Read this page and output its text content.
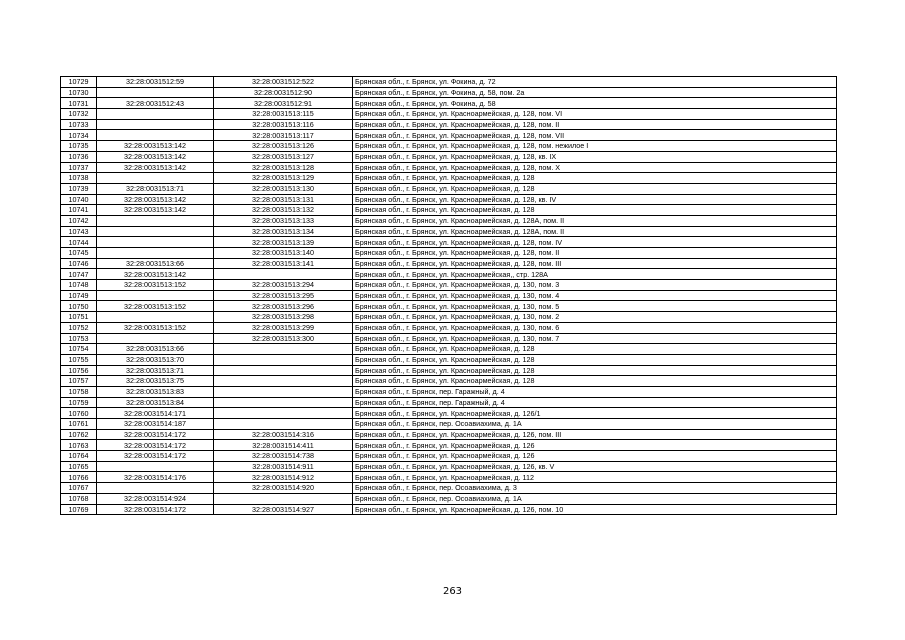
10729	32:28:0031512:59	32:28:0031512:522	Брянская обл., г. Брянск, ул. Фокина, д. 72
10730		32:28:0031512:90	Брянская обл., г. Брянск, ул. Фокина, д. 58, пом. 2а
10731	32:28:0031512:43	32:28:0031512:91	Брянская обл., г. Брянск, ул. Фокина, д. 58
10732		32:28:0031513:115	Брянская обл., г. Брянск, ул. Красноармейская, д. 128, пом. VI
10733		32:28:0031513:116	Брянская обл., г. Брянск, ул. Красноармейская, д. 128, пом. II
10734		32:28:0031513:117	Брянская обл., г. Брянск, ул. Красноармейская, д. 128, пом. VII
10735	32:28:0031513:142	32:28:0031513:126	Брянская обл., г. Брянск, ул. Красноармейская, д. 128, пом. нежилое I
10736	32:28:0031513:142	32:28:0031513:127	Брянская обл., г. Брянск, ул. Красноармейская, д. 128, кв. IX
10737	32:28:0031513:142	32:28:0031513:128	Брянская обл., г. Брянск, ул. Красноармейская, д. 128, пом. X
10738		32:28:0031513:129	Брянская обл., г. Брянск, ул. Красноармейская, д. 128
10739	32:28:0031513:71	32:28:0031513:130	Брянская обл., г. Брянск, ул. Красноармейская, д. 128
10740	32:28:0031513:142	32:28:0031513:131	Брянская обл., г. Брянск, ул. Красноармейская, д. 128, кв. IV
10741	32:28:0031513:142	32:28:0031513:132	Брянская обл., г. Брянск, ул. Красноармейская, д. 128
10742		32:28:0031513:133	Брянская обл., г. Брянск, ул. Красноармейская, д. 128А, пом. II
10743		32:28:0031513:134	Брянская обл., г. Брянск, ул. Красноармейская, д. 128А, пом. II
10744		32:28:0031513:139	Брянская обл., г. Брянск, ул. Красноармейская, д. 128, пом. IV
10745		32:28:0031513:140	Брянская обл., г. Брянск, ул. Красноармейская, д. 128, пом. II
10746	32:28:0031513:66	32:28:0031513:141	Брянская обл., г. Брянск, ул. Красноармейская, д. 128, пом. III
10747	32:28:0031513:142		Брянская обл., г. Брянск, ул. Красноармейская,, стр. 128А
10748	32:28:0031513:152	32:28:0031513:294	Брянская обл., г. Брянск, ул. Красноармейская, д. 130, пом. 3
10749		32:28:0031513:295	Брянская обл., г. Брянск, ул. Красноармейская, д. 130, пом. 4
10750	32:28:0031513:152	32:28:0031513:296	Брянская обл., г. Брянск, ул. Красноармейская, д. 130, пом. 5
10751		32:28:0031513:298	Брянская обл., г. Брянск, ул. Красноармейская, д. 130, пом. 2
10752	32:28:0031513:152	32:28:0031513:299	Брянская обл., г. Брянск, ул. Красноармейская, д. 130, пом. 6
10753		32:28:0031513:300	Брянская обл., г. Брянск, ул. Красноармейская, д. 130, пом. 7
10754	32:28:0031513:66		Брянская обл., г. Брянск, ул. Красноармейская, д. 128
10755	32:28:0031513:70		Брянская обл., г. Брянск, ул. Красноармейская, д. 128
10756	32:28:0031513:71		Брянская обл., г. Брянск, ул. Красноармейская, д. 128
10757	32:28:0031513:75		Брянская обл., г. Брянск, ул. Красноармейская, д. 128
10758	32:28:0031513:83		Брянская обл., г. Брянск, пер. Гаражный, д. 4
10759	32:28:0031513:84		Брянская обл., г. Брянск, пер. Гаражный, д. 4
10760	32:28:0031514:171		Брянская обл., г. Брянск, ул. Красноармейская, д. 126/1
10761	32:28:0031514:187		Брянская обл., г. Брянск, пер. Осоавиахима, д. 1А
10762	32:28:0031514:172	32:28:0031514:316	Брянская обл., г. Брянск, ул. Красноармейская, д. 126, пом. III
10763	32:28:0031514:172	32:28:0031514:411	Брянская обл., г. Брянск, ул. Красноармейская, д. 126
10764	32:28:0031514:172	32:28:0031514:738	Брянская обл., г. Брянск, ул. Красноармейская, д. 126
10765		32:28:0031514:911	Брянская обл., г. Брянск, ул. Красноармейская, д. 126, кв. V
10766	32:28:0031514:176	32:28:0031514:912	Брянская обл., г. Брянск, ул. Красноармейская, д. 112
10767		32:28:0031514:920	Брянская обл., г. Брянск, пер. Осоавиахима, д. 3
10768	32:28:0031514:924		Брянская обл., г. Брянск, пер. Осоавиахима, д. 1А
10769	32:28:0031514:172	32:28:0031514:927	Брянская обл., г. Брянск, ул. Красноармейская, д. 126, пом. 10
263
